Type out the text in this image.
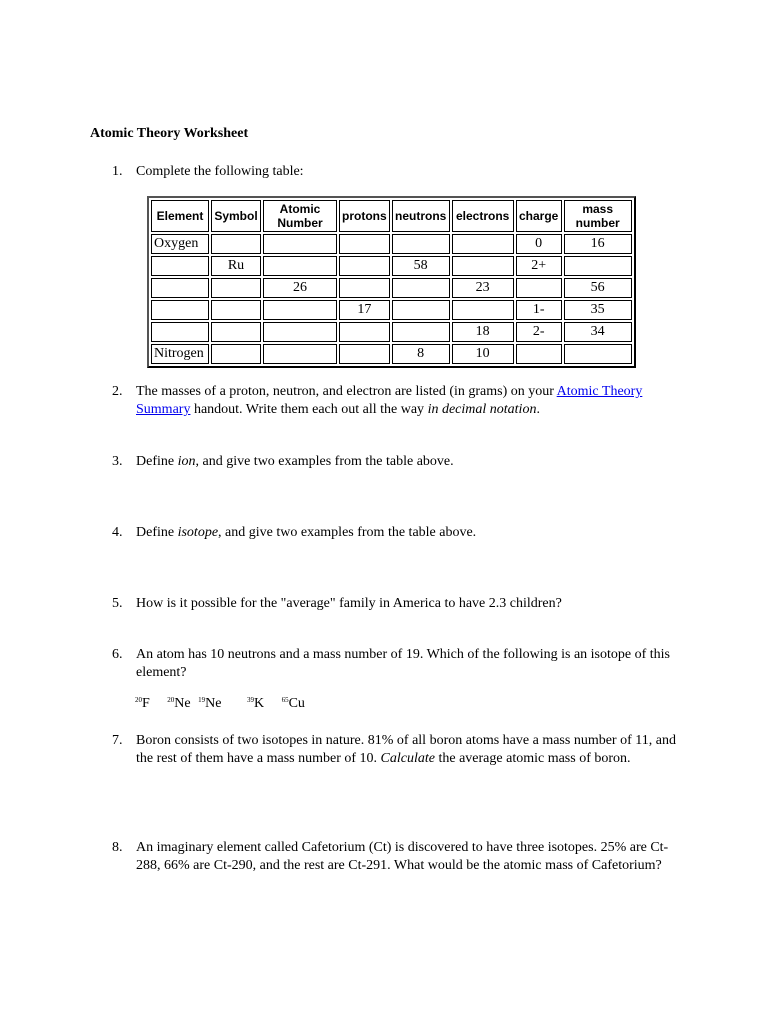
Atomic Theory Worksheet
1. Complete the following table:
Element	Symbol	Atomic Number	protons	neutrons	electrons	charge	mass number
Oxygen						0	16
	Ru			58		2+	
		26			23		56
			17			1-	35
					18	2-	34
Nitrogen				8	10		
2. The masses of a proton, neutron, and electron are listed (in grams) on your Atomic Theory Summary handout. Write them each out all the way in decimal notation.
3. Define ion, and give two examples from the table above.
4. Define isotope, and give two examples from the table above.
5. How is it possible for the "average" family in America to have 2.3 children?
6. An atom has 10 neutrons and a mass number of 19. Which of the following is an isotope of this element?
$^{20}$F	$^{20}$Ne $^{19}$Ne	$^{39}$K	$^{65}$Cu
7. Boron consists of two isotopes in nature. 81% of all boron atoms have a mass number of 11, and the rest of them have a mass number of 10. Calculate the average atomic mass of boron.
8. An imaginary element called Cafetorium (Ct) is discovered to have three isotopes. 25% are Ct-288, 66% are Ct-290, and the rest are Ct-291. What would be the atomic mass of Cafetorium?
